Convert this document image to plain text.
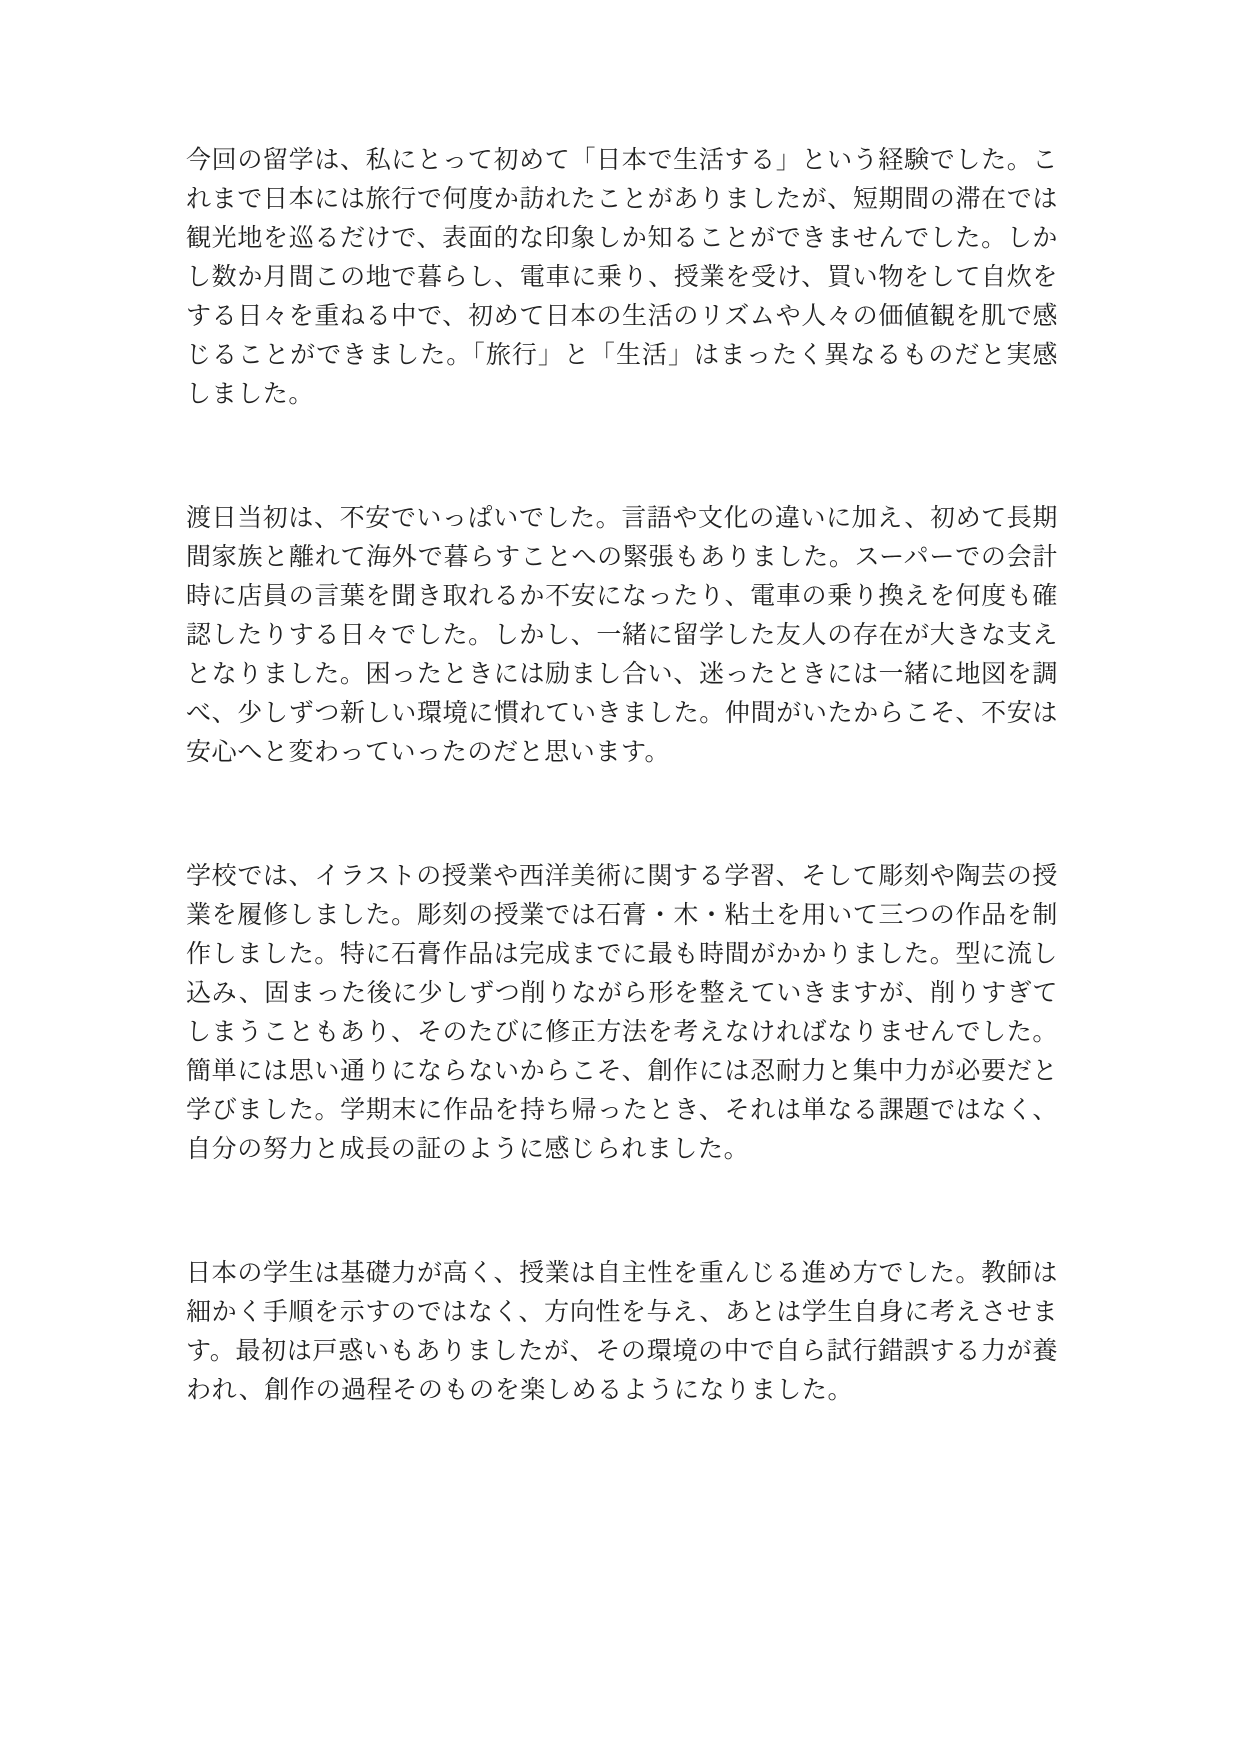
今回の留学は、私にとって初めて「日本で生活する」という経験でした。これまで日本には旅行で何度か訪れたことがありましたが、短期間の滞在では観光地を巡るだけで、表面的な印象しか知ることができませんでした。しかし数か月間この地で暮らし、電車に乗り、授業を受け、買い物をして自炊をする日々を重ねる中で、初めて日本の生活のリズムや人々の価値観を肌で感じることができました。「旅行」と「生活」はまったく異なるものだと実感しました。

渡日当初は、不安でいっぱいでした。言語や文化の違いに加え、初めて長期間家族と離れて海外で暮らすことへの緊張もありました。スーパーでの会計時に店員の言葉を聞き取れるか不安になったり、電車の乗り換えを何度も確認したりする日々でした。しかし、一緒に留学した友人の存在が大きな支えとなりました。困ったときには励まし合い、迷ったときには一緒に地図を調べ、少しずつ新しい環境に慣れていきました。仲間がいたからこそ、不安は安心へと変わっていったのだと思います。

学校では、イラストの授業や西洋美術に関する学習、そして彫刻や陶芸の授業を履修しました。彫刻の授業では石膏・木・粘土を用いて三つの作品を制作しました。特に石膏作品は完成までに最も時間がかかりました。型に流し込み、固まった後に少しずつ削りながら形を整えていきますが、削りすぎてしまうこともあり、そのたびに修正方法を考えなければなりませんでした。簡単には思い通りにならないからこそ、創作には忍耐力と集中力が必要だと学びました。学期末に作品を持ち帰ったとき、それは単なる課題ではなく、自分の努力と成長の証のように感じられました。

日本の学生は基礎力が高く、授業は自主性を重んじる進め方でした。教師は細かく手順を示すのではなく、方向性を与え、あとは学生自身に考えさせます。最初は戸惑いもありましたが、その環境の中で自ら試行錯誤する力が養われ、創作の過程そのものを楽しめるようになりました。
